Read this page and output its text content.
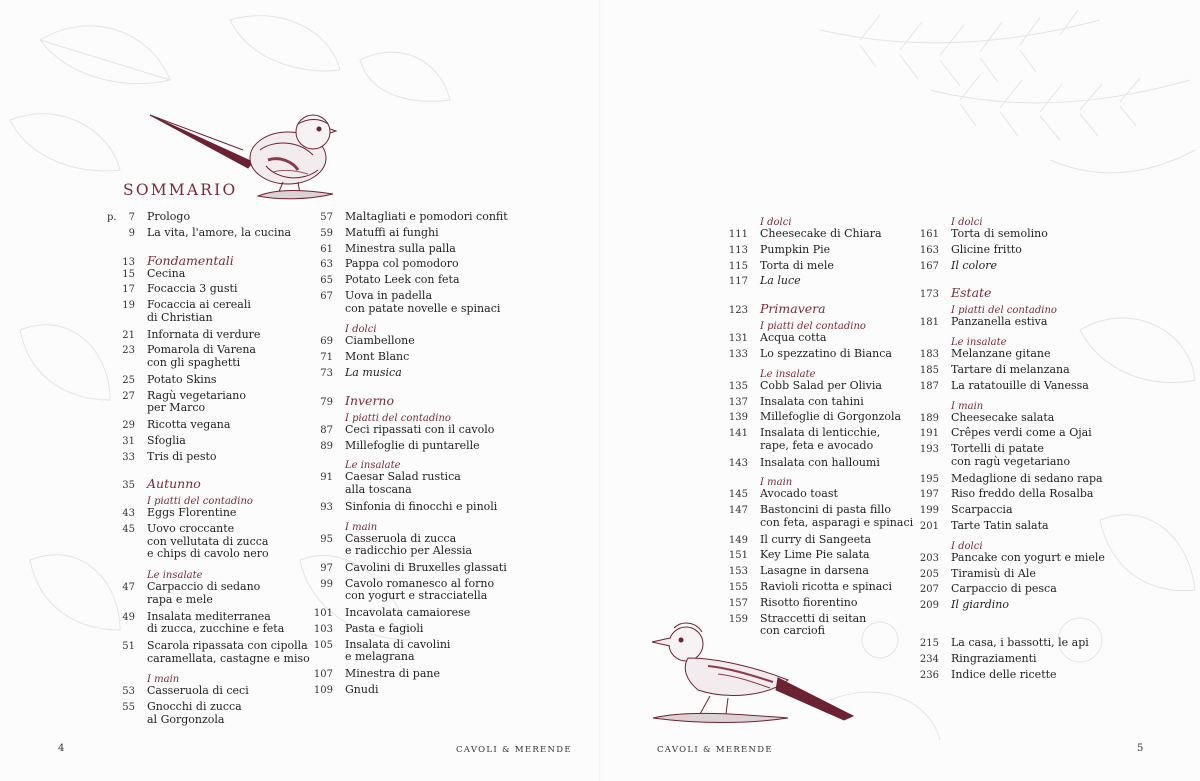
SOMMARIO
p. 7 Prologo
9 La vita, l'amore, la cucina
13 Fondamentali
15 Cecina
17 Focaccia 3 gusti
19 Focaccia ai cereali
di Christian
21 Infornata di verdure
23 Pomarola di Varena
con gli spaghetti
25 Potato Skins
27 Ragù vegetariano
per Marco
29 Ricotta vegana
31 Sfoglia
33 Tris di pesto
35 Autunno
I piatti del contadino
43 Eggs Florentine
45 Uovo croccante
con vellutata di zucca
e chips di cavolo nero
Le insalate
47 Carpaccio di sedano
rapa e mele
49 Insalata mediterranea
di zucca, zucchine e feta
51 Scarola ripassata con cipolla
caramellata, castagne e miso
I main
53 Casseruola di ceci
55 Gnocchi di zucca
al Gorgonzola
57 Maltagliati e pomodori confit
59 Matuffi ai funghi
61 Minestra sulla palla
63 Pappa col pomodoro
65 Potato Leek con feta
67 Uova in padella
con patate novelle e spinaci
I dolci
69 Ciambellone
71 Mont Blanc
73 La musica
79 Inverno
I piatti del contadino
87 Ceci ripassati con il cavolo
89 Millefoglie di puntarelle
Le insalate
91 Caesar Salad rustica
alla toscana
93 Sinfonia di finocchi e pinoli
I main
95 Casseruola di zucca
e radicchio per Alessia
97 Cavolini di Bruxelles glassati
99 Cavolo romanesco al forno
con yogurt e stracciatella
101 Incavolata camaiorese
103 Pasta e fagioli
105 Insalata di cavolini
e melagrana
107 Minestra di pane
109 Gnudi
I dolci
111 Cheesecake di Chiara
113 Pumpkin Pie
115 Torta di mele
117 La luce
123 Primavera
I piatti del contadino
131 Acqua cotta
133 Lo spezzatino di Bianca
Le insalate
135 Cobb Salad per Olivia
137 Insalata con tahini
139 Millefoglie di Gorgonzola
141 Insalata di lenticchie,
rape, feta e avocado
143 Insalata con halloumi
I main
145 Avocado toast
147 Bastoncini di pasta fillo
con feta, asparagi e spinaci
149 Il curry di Sangeeta
151 Key Lime Pie salata
153 Lasagne in darsena
155 Ravioli ricotta e spinaci
157 Risotto fiorentino
159 Straccetti di seitan
con carciofi
I dolci
161 Torta di semolino
163 Glicine fritto
167 Il colore
173 Estate
I piatti del contadino
181 Panzanella estiva
Le insalate
183 Melanzane gitane
185 Tartare di melanzana
187 La ratatouille di Vanessa
I main
189 Cheesecake salata
191 Crêpes verdi come a Ojai
193 Tortelli di patate
con ragù vegetariano
195 Medaglione di sedano rapa
197 Riso freddo della Rosalba
199 Scarpaccia
201 Tarte Tatin salata
I dolci
203 Pancake con yogurt e miele
205 Tiramisù di Ale
207 Carpaccio di pesca
209 Il giardino
215 La casa, i bassotti, le api
234 Ringraziamenti
236 Indice delle ricette
4	CAVOLI & MERENDE	CAVOLI & MERENDE	5
